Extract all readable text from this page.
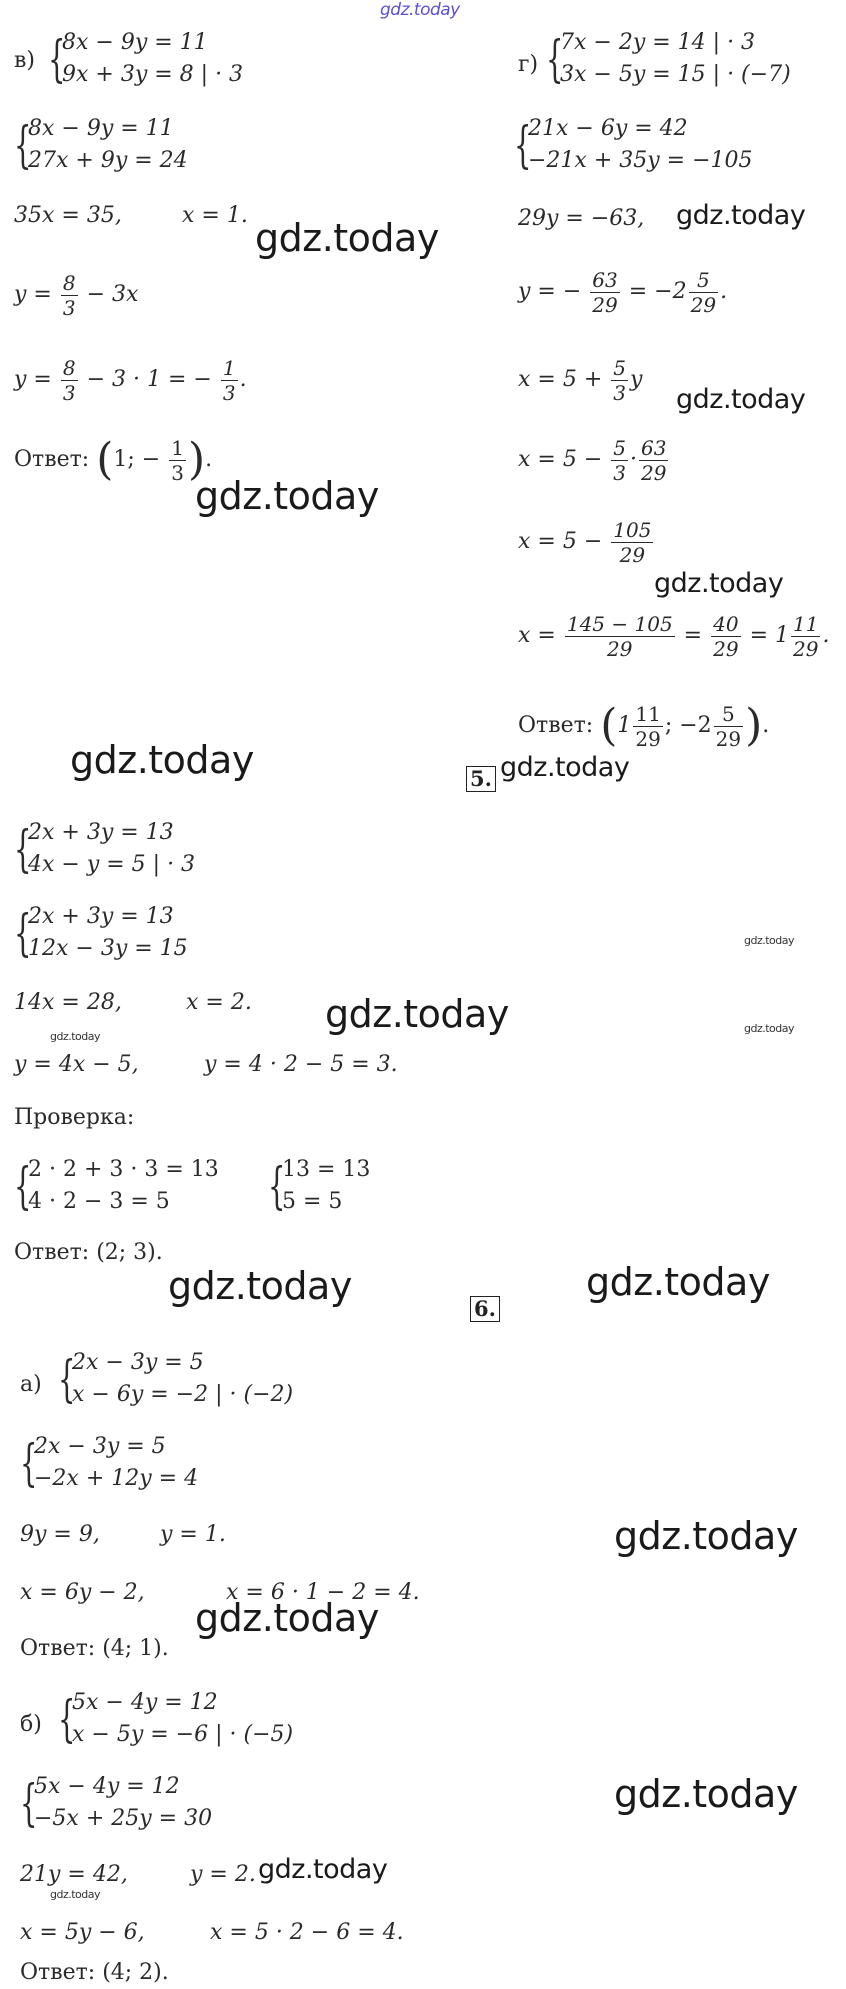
gdz.today
в) {
8x − 9y = 11
9x + 3y = 8 | · 3
{
8x − 9y = 11
27x + 9y = 24
35x = 35,	x = 1.
gdz.today
$y = \frac{8}{3} - 3x$
$y = \frac{8}{3} - 3 \cdot 1$ = − $\frac{1}{3}$ .
Ответ: (1; − $\frac{1}{3}$ ).
gdz.today
г) {
7x − 2y = 14 | · 3
3x − 5y = 15 | · (−7)
{
21x − 6y = 42
−21x + 35y = −105
29y = −63, gdz.today
y = − $\frac{63}{29} = -2 \frac{5}{29}$ .
$x = 5 + \frac{5}{3}$ y
gdz.today
$x = 5 - \frac{5}{3} \cdot \frac{63}{29}$
$x = 5 - \frac{105}{29}$
gdz.today
$x = \frac{145 - 105}{29} = \frac{40}{29} = 1 \frac{11}{29}$ .
Ответ: ($1 \frac{11}{29}$ ; $-2 \frac{5}{29}$ ).
gdz.today	5. gdz.today
{
2x + 3y = 13
4x − y = 5 | · 3
{
2x + 3y = 13
12x − 3y = 15	gdz.today
14x = 28,	x = 2. gdz.today	gdz.today
gdz.today
y = 4x − 5,	y = 4 · 2 − 5 = 3.
Проверка:
{
2 · 2 + 3 · 3 = 13
4 · 2 − 3 = 5 {
13 = 13
5 = 5
Ответ: (2; 3).
gdz.today	gdz.today
6.
а) {
2x − 3y = 5
x − 6y = −2 | · (−2)
{
2x − 3y = 5
−2x + 12y = 4
9y = 9,	y = 1.	gdz.today
x = 6y − 2,	x = 6 · 1 − 2 = 4.
gdz.today
Ответ: (4; 1).
б) {
5x − 4y = 12
x − 5y = −6 | · (−5)
{
5x − 4y = 12
−5x + 25y = 30
gdz.today
21y = 42,	y = 2. gdz.today
gdz.today
x = 5y − 6,	x = 5 · 2 − 6 = 4.
Ответ: (4; 2).
